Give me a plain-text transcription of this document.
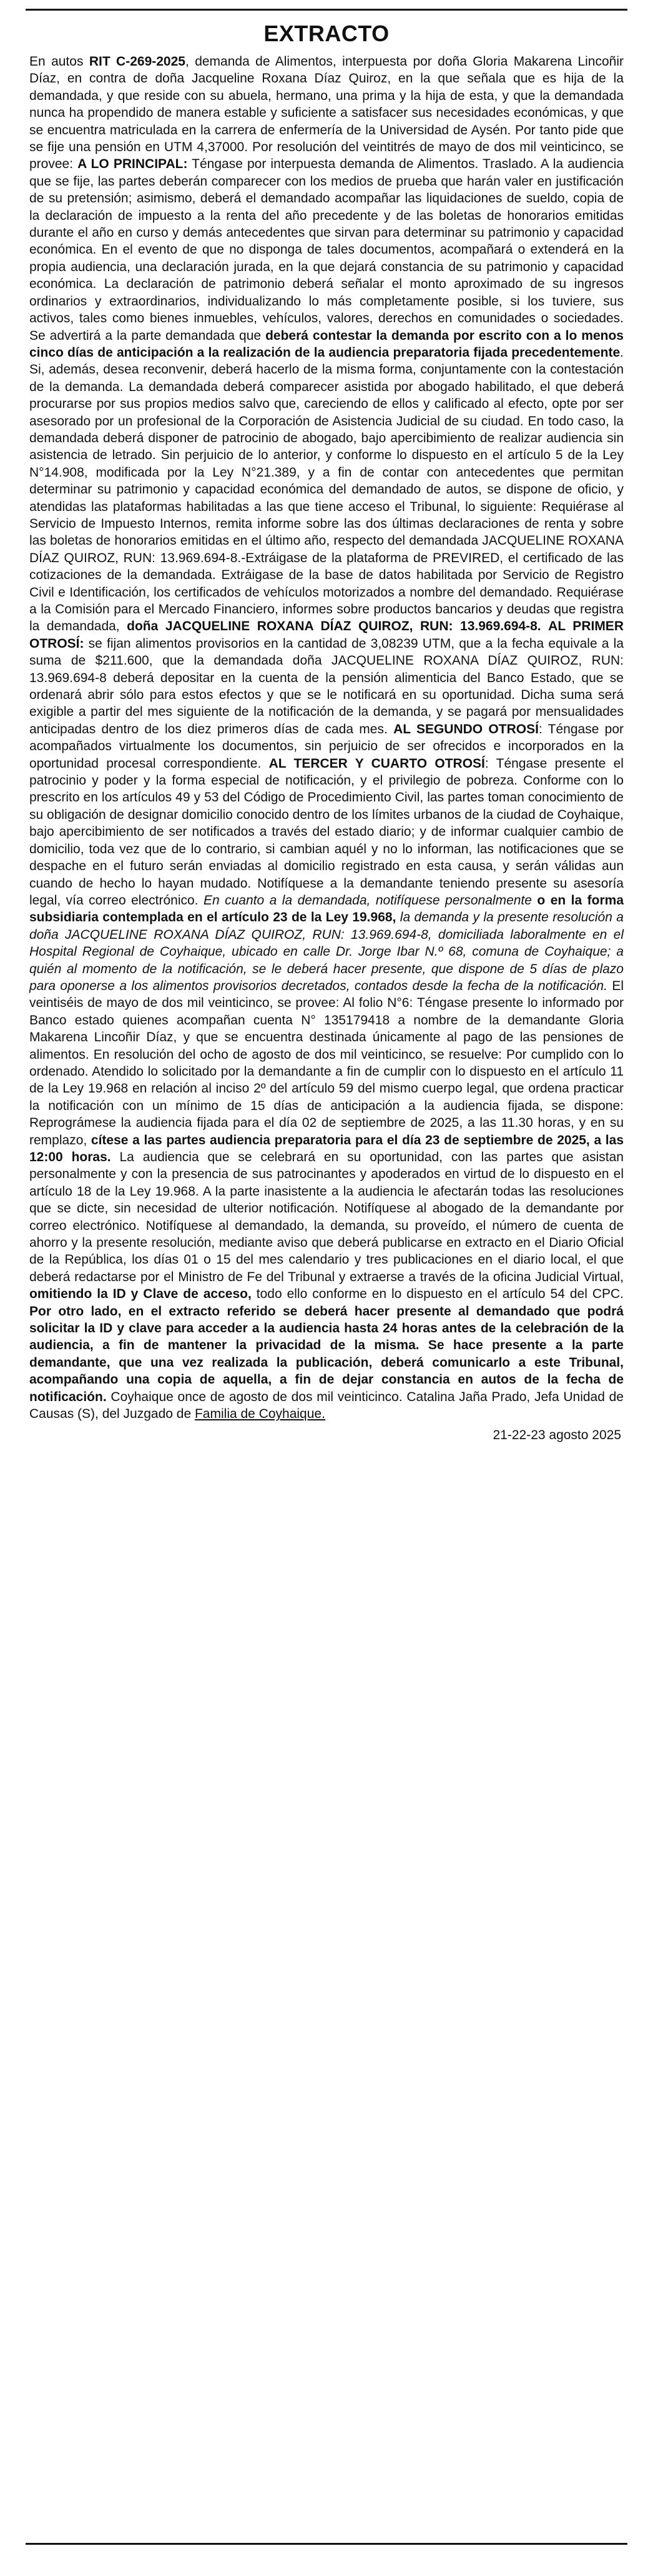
EXTRACTO
En autos RIT C-269-2025, demanda de Alimentos, interpuesta por doña Gloria Makarena Lincoñir Díaz, en contra de doña Jacqueline Roxana Díaz Quiroz, en la que señala que es hija de la demandada, y que reside con su abuela, hermano, una prima y la hija de esta, y que la demandada nunca ha propendido de manera estable y suficiente a satisfacer sus necesidades económicas, y que se encuentra matriculada en la carrera de enfermería de la Universidad de Aysén. Por tanto pide que se fije una pensión en UTM 4,37000. Por resolución del veintitrés de mayo de dos mil veinticinco, se provee: A LO PRINCIPAL: Téngase por interpuesta demanda de Alimentos. Traslado. A la audiencia que se fije, las partes deberán comparecer con los medios de prueba que harán valer en justificación de su pretensión; asimismo, deberá el demandado acompañar las liquidaciones de sueldo, copia de la declaración de impuesto a la renta del año precedente y de las boletas de honorarios emitidas durante el año en curso y demás antecedentes que sirvan para determinar su patrimonio y capacidad económica. En el evento de que no disponga de tales documentos, acompañará o extenderá en la propia audiencia, una declaración jurada, en la que dejará constancia de su patrimonio y capacidad económica. La declaración de patrimonio deberá señalar el monto aproximado de su ingresos ordinarios y extraordinarios, individualizando lo más completamente posible, si los tuviere, sus activos, tales como bienes inmuebles, vehículos, valores, derechos en comunidades o sociedades. Se advertirá a la parte demandada que deberá contestar la demanda por escrito con a lo menos cinco días de anticipación a la realización de la audiencia preparatoria fijada precedentemente. Si, además, desea reconvenir, deberá hacerlo de la misma forma, conjuntamente con la contestación de la demanda. La demandada deberá comparecer asistida por abogado habilitado, el que deberá procurarse por sus propios medios salvo que, careciendo de ellos y calificado al efecto, opte por ser asesorado por un profesional de la Corporación de Asistencia Judicial de su ciudad. En todo caso, la demandada deberá disponer de patrocinio de abogado, bajo apercibimiento de realizar audiencia sin asistencia de letrado. Sin perjuicio de lo anterior, y conforme lo dispuesto en el artículo 5 de la Ley N°14.908, modificada por la Ley N°21.389, y a fin de contar con antecedentes que permitan determinar su patrimonio y capacidad económica del demandado de autos, se dispone de oficio, y atendidas las plataformas habilitadas a las que tiene acceso el Tribunal, lo siguiente: Requiérase al Servicio de Impuesto Internos, remita informe sobre las dos últimas declaraciones de renta y sobre las boletas de honorarios emitidas en el último año, respecto del demandada JACQUELINE ROXANA DÍAZ QUIROZ, RUN: 13.969.694-8.-Extráigase de la plataforma de PREVIRED, el certificado de las cotizaciones de la demandada. Extráigase de la base de datos habilitada por Servicio de Registro Civil e Identificación, los certificados de vehículos motorizados a nombre del demandado. Requiérase a la Comisión para el Mercado Financiero, informes sobre productos bancarios y deudas que registra la demandada, doña JACQUELINE ROXANA DÍAZ QUIROZ, RUN: 13.969.694-8. AL PRIMER OTROSÍ: se fijan alimentos provisorios en la cantidad de 3,08239 UTM, que a la fecha equivale a la suma de $211.600, que la demandada doña JACQUELINE ROXANA DÍAZ QUIROZ, RUN: 13.969.694-8 deberá depositar en la cuenta de la pensión alimenticia del Banco Estado, que se ordenará abrir sólo para estos efectos y que se le notificará en su oportunidad. Dicha suma será exigible a partir del mes siguiente de la notificación de la demanda, y se pagará por mensualidades anticipadas dentro de los diez primeros días de cada mes. AL SEGUNDO OTROSÍ: Téngase por acompañados virtualmente los documentos, sin perjuicio de ser ofrecidos e incorporados en la oportunidad procesal correspondiente. AL TERCER Y CUARTO OTROSÍ: Téngase presente el patrocinio y poder y la forma especial de notificación, y el privilegio de pobreza. Conforme con lo prescrito en los artículos 49 y 53 del Código de Procedimiento Civil, las partes toman conocimiento de su obligación de designar domicilio conocido dentro de los límites urbanos de la ciudad de Coyhaique, bajo apercibimiento de ser notificados a través del estado diario; y de informar cualquier cambio de domicilio, toda vez que de lo contrario, si cambian aquél y no lo informan, las notificaciones que se despache en el futuro serán enviadas al domicilio registrado en esta causa, y serán válidas aun cuando de hecho lo hayan mudado. Notifíquese a la demandante teniendo presente su asesoría legal, vía correo electrónico. En cuanto a la demandada, notifíquese personalmente o en la forma subsidiaria contemplada en el artículo 23 de la Ley 19.968, la demanda y la presente resolución a doña JACQUELINE ROXANA DÍAZ QUIROZ, RUN: 13.969.694-8, domiciliada laboralmente en el Hospital Regional de Coyhaique, ubicado en calle Dr. Jorge Ibar N.º 68, comuna de Coyhaique; a quién al momento de la notificación, se le deberá hacer presente, que dispone de 5 días de plazo para oponerse a los alimentos provisorios decretados, contados desde la fecha de la notificación. El veintiséis de mayo de dos mil veinticinco, se provee: Al folio N°6: Téngase presente lo informado por Banco estado quienes acompañan cuenta N° 135179418 a nombre de la demandante Gloria Makarena Lincoñir Díaz, y que se encuentra destinada únicamente al pago de las pensiones de alimentos. En resolución del ocho de agosto de dos mil veinticinco, se resuelve: Por cumplido con lo ordenado. Atendido lo solicitado por la demandante a fin de cumplir con lo dispuesto en el artículo 11 de la Ley 19.968 en relación al inciso 2º del artículo 59 del mismo cuerpo legal, que ordena practicar la notificación con un mínimo de 15 días de anticipación a la audiencia fijada, se dispone: Reprográmese la audiencia fijada para el día 02 de septiembre de 2025, a las 11.30 horas, y en su remplazo, cítese a las partes audiencia preparatoria para el día 23 de septiembre de 2025, a las 12:00 horas. La audiencia que se celebrará en su oportunidad, con las partes que asistan personalmente y con la presencia de sus patrocinantes y apoderados en virtud de lo dispuesto en el artículo 18 de la Ley 19.968. A la parte inasistente a la audiencia le afectarán todas las resoluciones que se dicte, sin necesidad de ulterior notificación. Notifíquese al abogado de la demandante por correo electrónico. Notifíquese al demandado, la demanda, su proveído, el número de cuenta de ahorro y la presente resolución, mediante aviso que deberá publicarse en extracto en el Diario Oficial de la República, los días 01 o 15 del mes calendario y tres publicaciones en el diario local, el que deberá redactarse por el Ministro de Fe del Tribunal y extraerse a través de la oficina Judicial Virtual, omitiendo la ID y Clave de acceso, todo ello conforme en lo dispuesto en el artículo 54 del CPC. Por otro lado, en el extracto referido se deberá hacer presente al demandado que podrá solicitar la ID y clave para acceder a la audiencia hasta 24 horas antes de la celebración de la audiencia, a fin de mantener la privacidad de la misma. Se hace presente a la parte demandante, que una vez realizada la publicación, deberá comunicarlo a este Tribunal, acompañando una copia de aquella, a fin de dejar constancia en autos de la fecha de notificación. Coyhaique once de agosto de dos mil veinticinco. Catalina Jaña Prado, Jefa Unidad de Causas (S), del Juzgado de Familia de Coyhaique.
21-22-23 agosto 2025
